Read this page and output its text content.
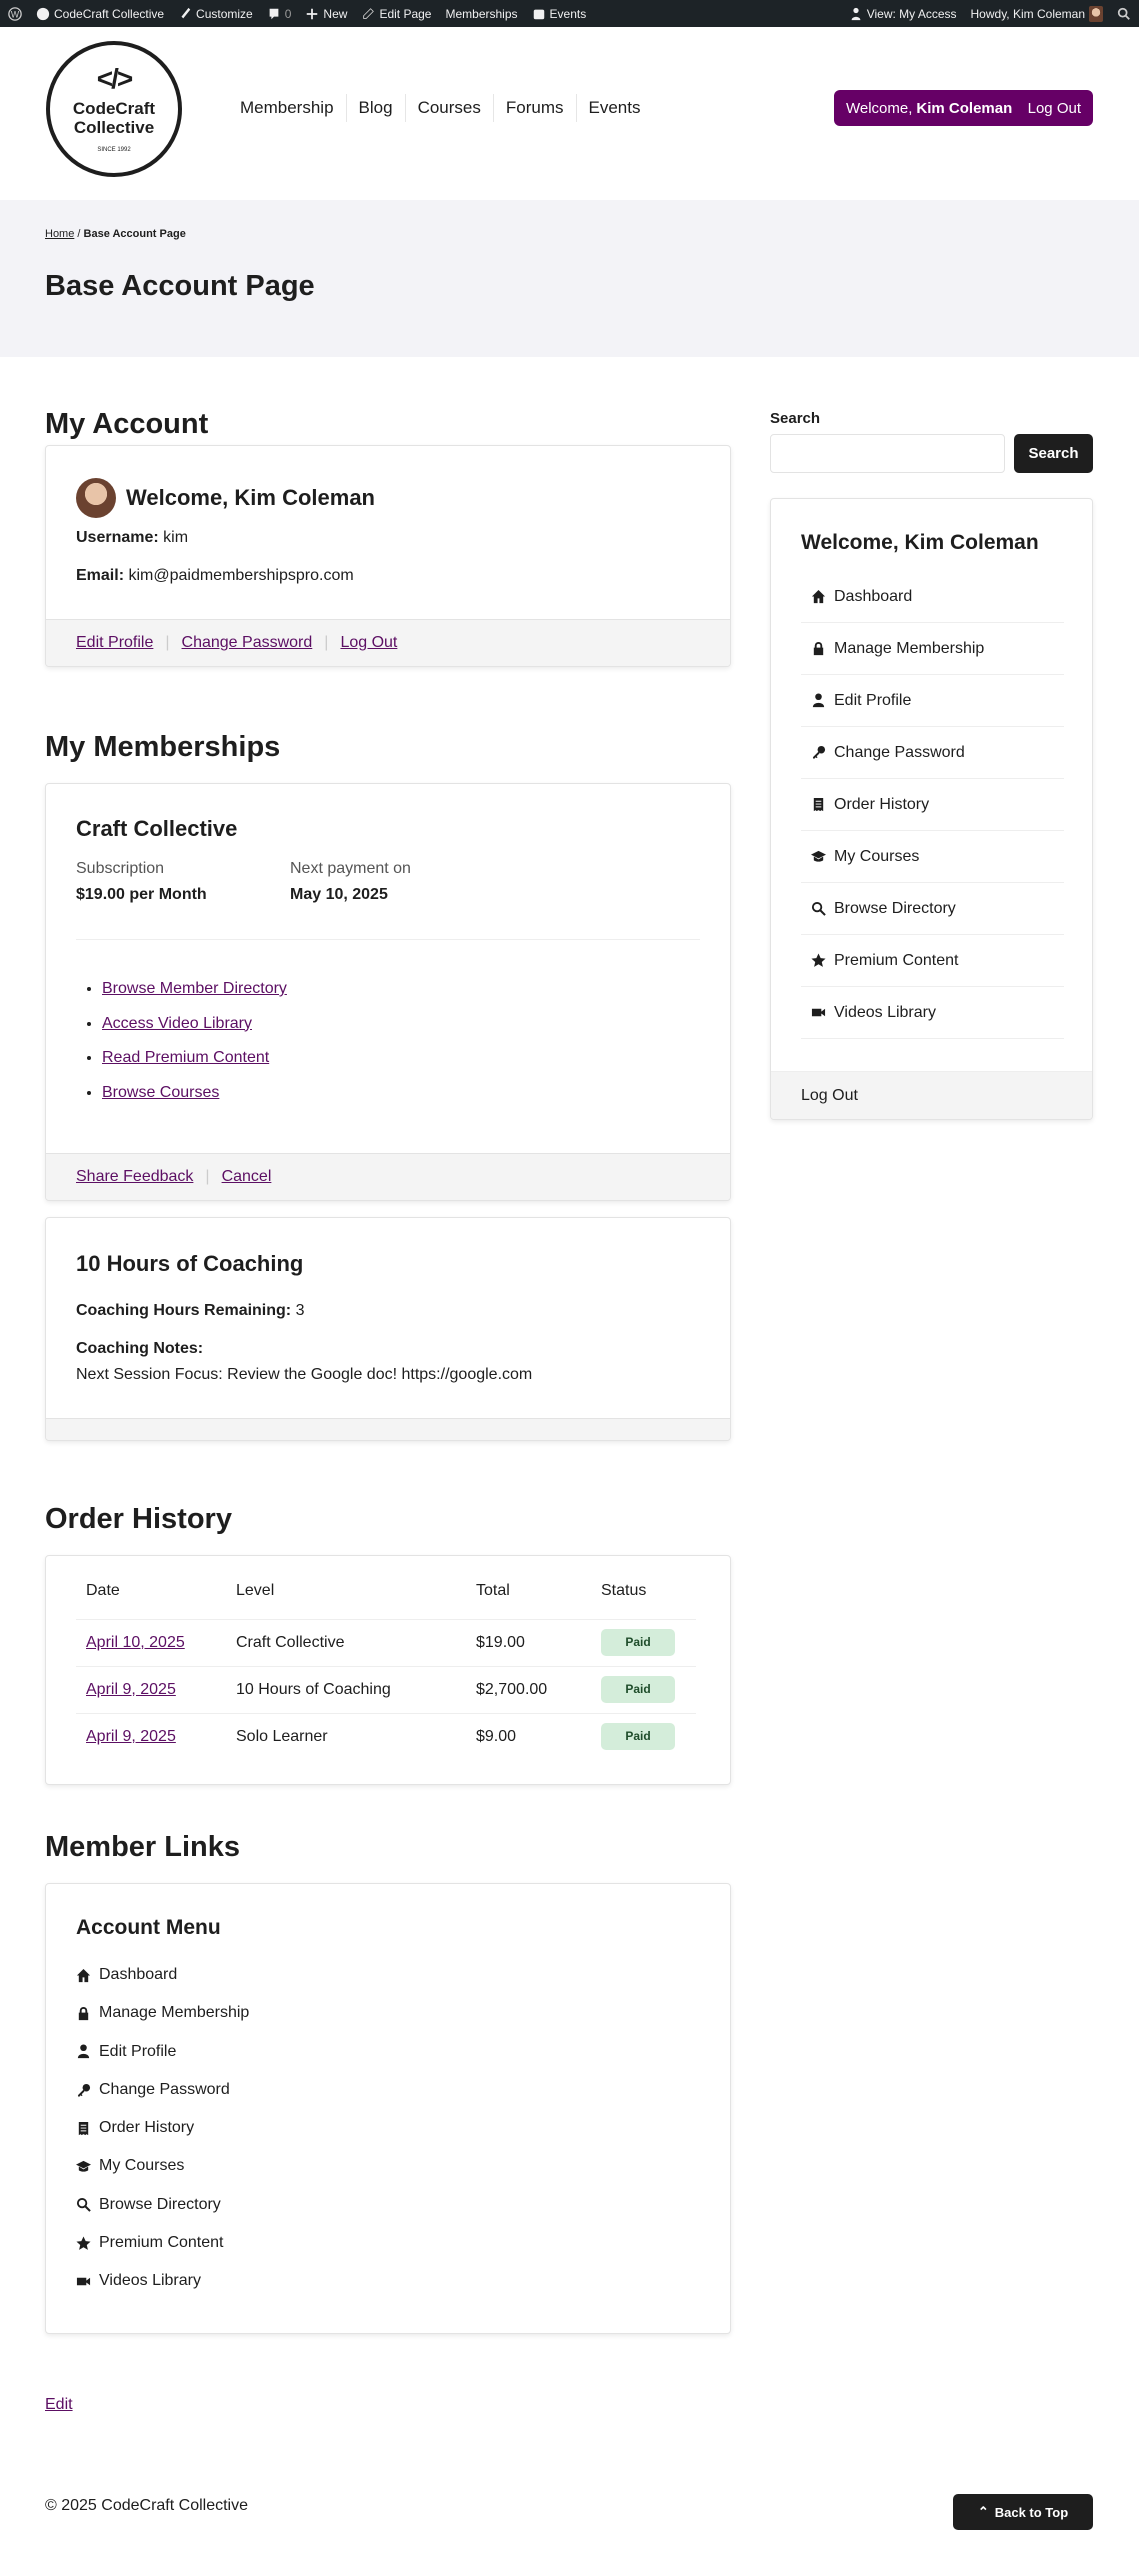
W	CodeCraft Collective	Customize	0	New	Edit Page Memberships	Events	View: My Access Howdy, Kim Coleman
</>
CodeCraft
Collective
SINCE 1992
Membership	Blog	Courses	Forums	Events	Welcome, Kim Coleman Log Out
Home / Base Account Page
Base Account Page
My Account
Welcome, Kim Coleman
Username: kim
Email: kim@paidmembershipspro.com
Edit Profile | Change Password | Log Out
My Memberships
Craft Collective
Subscription
$19.00 per Month
Next payment on
May 10, 2025
• Browse Member Directory
• Access Video Library
• Read Premium Content
• Browse Courses
Share Feedback | Cancel
10 Hours of Coaching
Coaching Hours Remaining: 3
Coaching Notes:
Next Session Focus: Review the Google doc! https://google.com
Order History
Date	Level	Total	Status
April 10, 2025	Craft Collective	$19.00	Paid
April 9, 2025	10 Hours of Coaching	$2,700.00	Paid
April 9, 2025	Solo Learner	$9.00	Paid
Member Links
Account Menu
Dashboard
Manage Membership
Edit Profile
Change Password
Order History
My Courses
Browse Directory
Premium Content
Videos Library
Search
Search
Welcome, Kim Coleman
Dashboard
Manage Membership
Edit Profile
Change Password
Order History
My Courses
Browse Directory
Premium Content
Videos Library
Log Out
Edit
© 2025 CodeCraft Collective	⌃ Back to Top
